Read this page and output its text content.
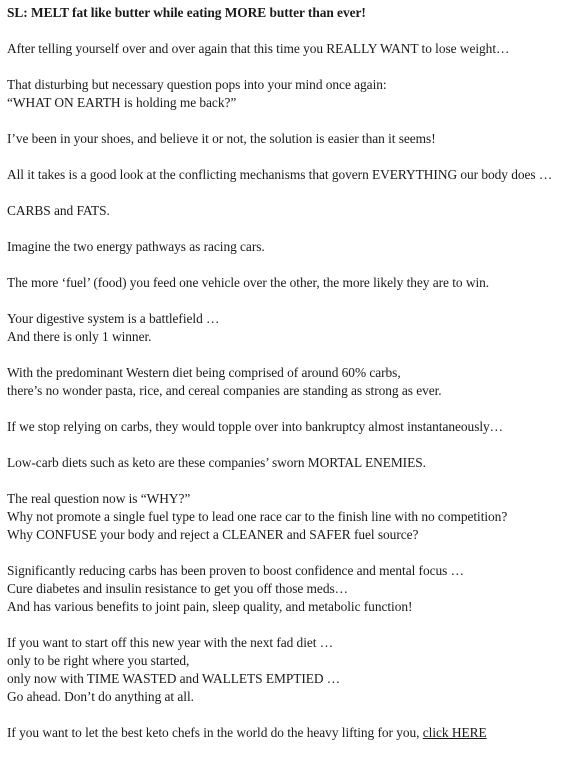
SL: MELT fat like butter while eating MORE butter than ever!
After telling yourself over and over again that this time you REALLY WANT to lose weight…
That disturbing but necessary question pops into your mind once again:
“WHAT ON EARTH is holding me back?”
I’ve been in your shoes, and believe it or not, the solution is easier than it seems!
All it takes is a good look at the conflicting mechanisms that govern EVERYTHING our body does …
CARBS and FATS.
Imagine the two energy pathways as racing cars.
The more ‘fuel’ (food) you feed one vehicle over the other, the more likely they are to win.
Your digestive system is a battlefield …
And there is only 1 winner.
With the predominant Western diet being comprised of around 60% carbs,
there’s no wonder pasta, rice, and cereal companies are standing as strong as ever.
If we stop relying on carbs, they would topple over into bankruptcy almost instantaneously…
Low-carb diets such as keto are these companies’ sworn MORTAL ENEMIES.
The real question now is “WHY?”
Why not promote a single fuel type to lead one race car to the finish line with no competition?
Why CONFUSE your body and reject a CLEANER and SAFER fuel source?
Significantly reducing carbs has been proven to boost confidence and mental focus …
Cure diabetes and insulin resistance to get you off those meds…
And has various benefits to joint pain, sleep quality, and metabolic function!
If you want to start off this new year with the next fad diet …
only to be right where you started,
only now with TIME WASTED and WALLETS EMPTIED …
Go ahead. Don’t do anything at all.
If you want to let the best keto chefs in the world do the heavy lifting for you, click HERE
